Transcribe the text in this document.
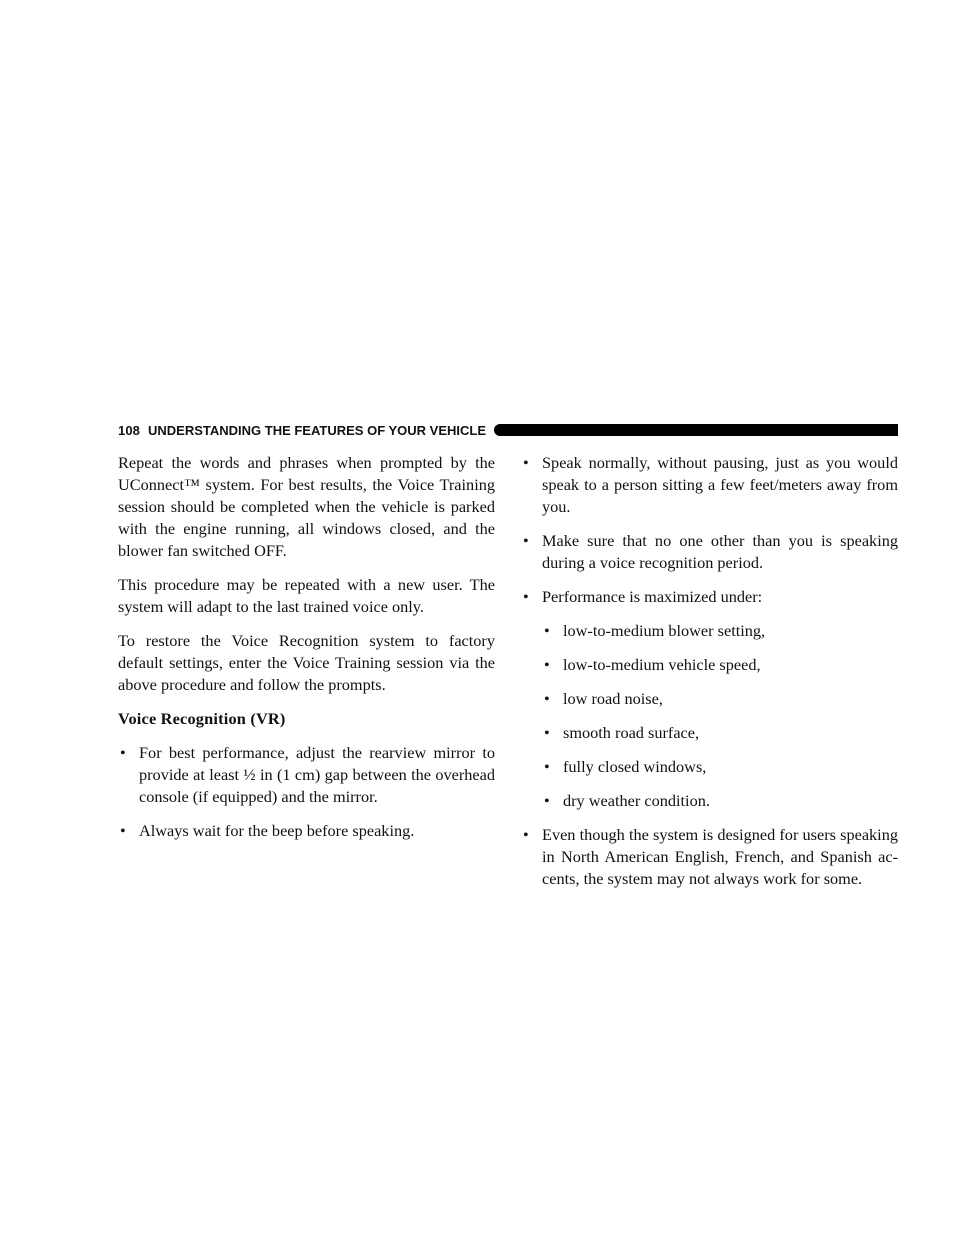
108 UNDERSTANDING THE FEATURES OF YOUR VEHICLE

Repeat the words and phrases when prompted by the UConnect™ system. For best results, the Voice Training session should be completed when the vehicle is parked with the engine running, all windows closed, and the blower fan switched OFF.

This procedure may be repeated with a new user. The system will adapt to the last trained voice only.

To restore the Voice Recognition system to factory default settings, enter the Voice Training session via the above procedure and follow the prompts.

Voice Recognition (VR)
• For best performance, adjust the rearview mirror to provide at least ½ in (1 cm) gap between the overhead console (if equipped) and the mirror.
• Always wait for the beep before speaking.
• Speak normally, without pausing, just as you would speak to a person sitting a few feet/meters away from you.
• Make sure that no one other than you is speaking during a voice recognition period.
• Performance is maximized under:
• low-to-medium blower setting,
• low-to-medium vehicle speed,
• low road noise,
• smooth road surface,
• fully closed windows,
• dry weather condition.
• Even though the system is designed for users speaking in North American English, French, and Spanish ac-cents, the system may not always work for some.
